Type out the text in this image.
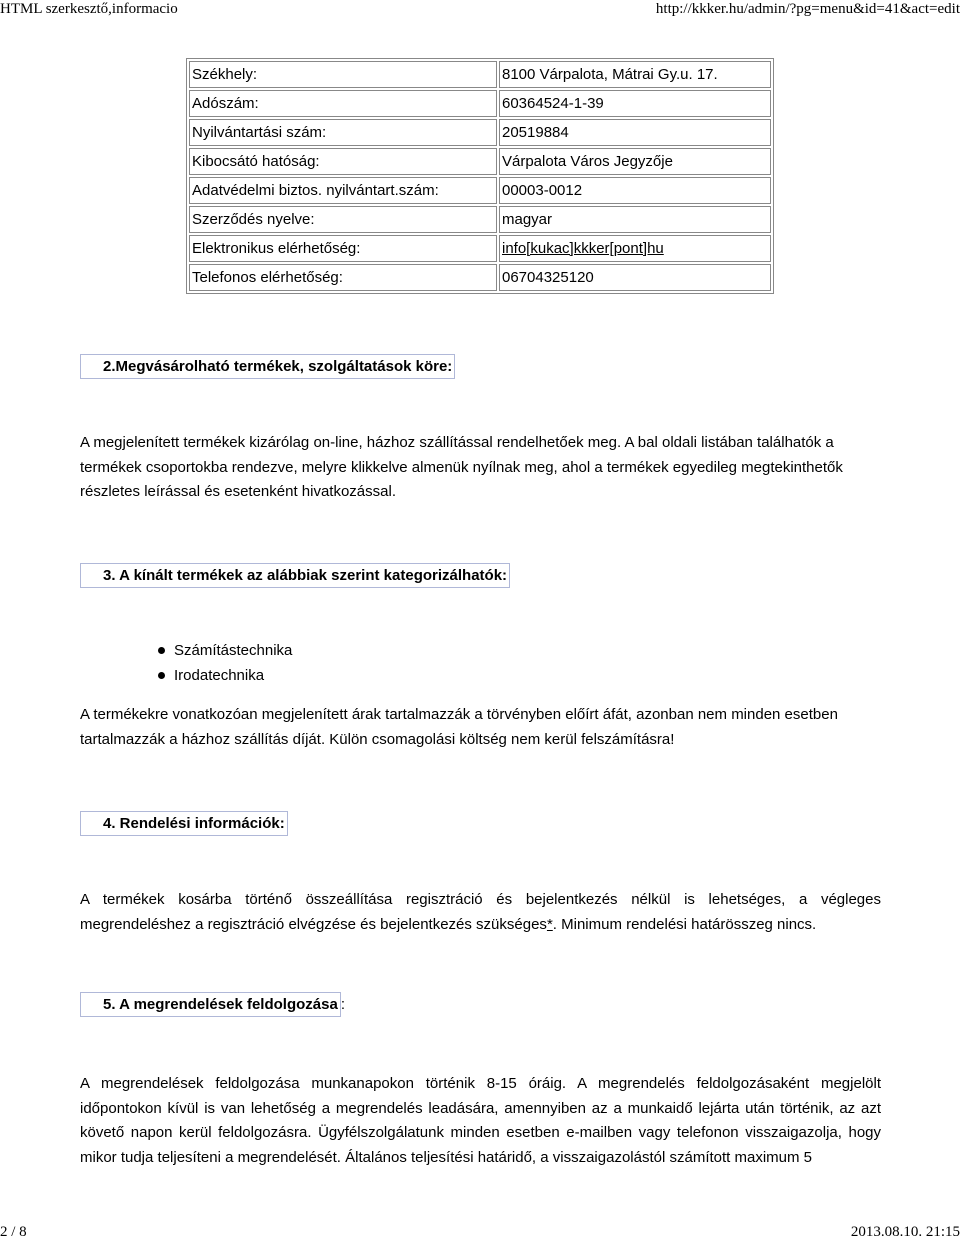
HTML szerkesztő,informacio	http://kkker.hu/admin/?pg=menu&id=41&act=edit
Székhely:	8100 Várpalota, Mátrai Gy.u. 17.
Adószám:	60364524-1-39
Nyilvántartási szám:	20519884
Kibocsátó hatóság:	Várpalota Város Jegyzője
Adatvédelmi biztos. nyilvántart.szám:	00003-0012
Szerződés nyelve:	magyar
Elektronikus elérhetőség:	info[kukac]kkker[pont]hu
Telefonos elérhetőség:	06704325120
2.Megvásárolható termékek, szolgáltatások köre:

A megjelenített termékek kizárólag on-line, házhoz szállítással rendelhetőek meg. A bal oldali listában találhatók a termékek csoportokba rendezve, melyre klikkelve almenük nyílnak meg, ahol a termékek egyedileg megtekinthetők részletes leírással és esetenként hivatkozással.

3. A kínált termékek az alábbiak szerint kategorizálhatók:
Számítástechnika
Irodatechnika

A termékekre vonatkozóan megjelenített árak tartalmazzák a törvényben előírt áfát, azonban nem minden esetben tartalmazzák a házhoz szállítás díját. Külön csomagolási költség nem kerül felszámításra!

4. Rendelési információk:

A termékek kosárba történő összeállítása regisztráció és bejelentkezés nélkül is lehetséges, a végleges megrendeléshez a regisztráció elvégzése és bejelentkezés szükséges*. Minimum rendelési határösszeg nincs.

5. A megrendelések feldolgozása :

A megrendelések feldolgozása munkanapokon történik 8-15 óráig. A megrendelés feldolgozásaként megjelölt időpontokon kívül is van lehetőség a megrendelés leadására, amennyiben az a munkaidő lejárta után történik, az azt követő napon kerül feldolgozásra. Ügyfélszolgálatunk minden esetben e-mailben vagy telefonon visszaigazolja, hogy mikor tudja teljesíteni a megrendelését. Általános teljesítési határidő, a visszaigazolástól számított maximum 5

2 / 8	2013.08.10. 21:15
